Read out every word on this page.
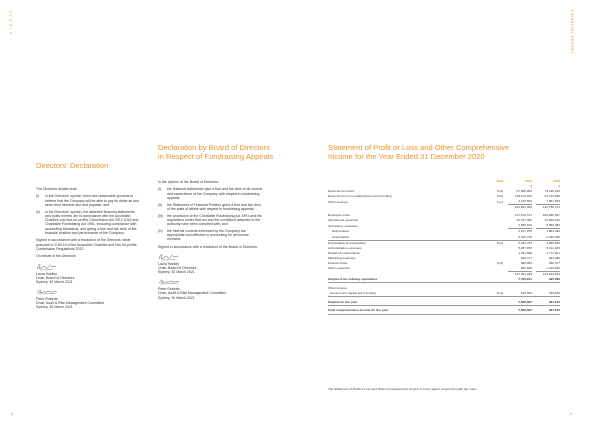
K I D S 2 0	FINANCIAL REPORT
8	9
Directors' Declaration

The Directors declare that:

(i)	in the Directors' opinion, there are reasonable grounds to believe that the Company will be able to pay its debts as and when they become due and payable; and
(ii)	in the Directors' opinion, the attached financial statements and notes thereto are in accordance with the Australian Charities and Not-for-profits Commission Act 2012 (Cth) and Charitable Fundraising Act 1991, including compliance with accounting standards, and giving a true and fair view of the financial position and performance of the Company.

Signed in accordance with a resolution of the Directors made pursuant to S.60.15 of the Australian Charities and Not-for-profits Commission Regulations 2013

On behalf of the Directors

Laura Hartley
Chair, Board of Directors
Sydney, 30 March 2021
Peter Roberts
Chair, Audit & Risk Management Committee
Sydney, 30 March 2021
Declaration by Board of Directors
in Respect of Fundraising Appeals

In the opinion of the Board of Directors:

(i)	the financial statements give a true and fair view of all income and expenditure of the Company with respect to fundraising appeals;
(ii)	the Statement of Financial Position gives a true and fair view of the state of affairs with respect to fundraising appeals;
(iii)	the provisions of the Charitable Fundraising Act 1991 and the regulations under that Act and the conditions attached to the authority have been complied with; and
(iv)	the internal controls exercised by the Company are appropriate and effective in accounting for all income received.

Signed in accordance with a resolution of the Board of Directors.

Laura Hartley
Chair, Board of Directors
Sydney, 30 March 2021
Peter Roberts
Chair, Audit & Risk Management Committee
Sydney, 30 March 2021
Statement of Profit or Loss and Other Comprehensive
Income for the Year Ended 31 December 2020
	Note	2020		2019
		$		$
Revenue from fees	5 (a)	47,586,284		73,110,233
Revenue from non-capital government funding	5 (b)	103,116,169		61,726,995
Other revenue	5 (c)	4,128,596		7,951,503
		154,831,049		142,788,731

Employee costs		117,670,741		109,086,327
Operational expenses		10,797,392		15,646,616
Occupancy expenses		4,895,194		5,860,356
Depreciation		2,317,078		1,861,440
Amortisation		3,015,715		2,395,366
Depreciation & amortisation	5 (e)	5,332,793		4,256,826
Administrative expenses		5,287,878		5,311,033
Repairs & maintenance		1,451,598		1,772,001
Marketing expenses		500,727		833,485
Finance costs	5 (d)	485,000		480,477
Other expenses		930,638		1,445,842
		147,351,945		144,292,814
Surplus from ordinary operations		7,479,104		495,939

Other Income				
Government capital grant funding	5 (a)	169,593		435,676

Surplus for the year		7,648,697		931,615

Total comprehensive income for the year		7,648,697		931,615
The Statement of Profit or Loss and Other Comprehensive Income is to be read in conjunction with the notes.
